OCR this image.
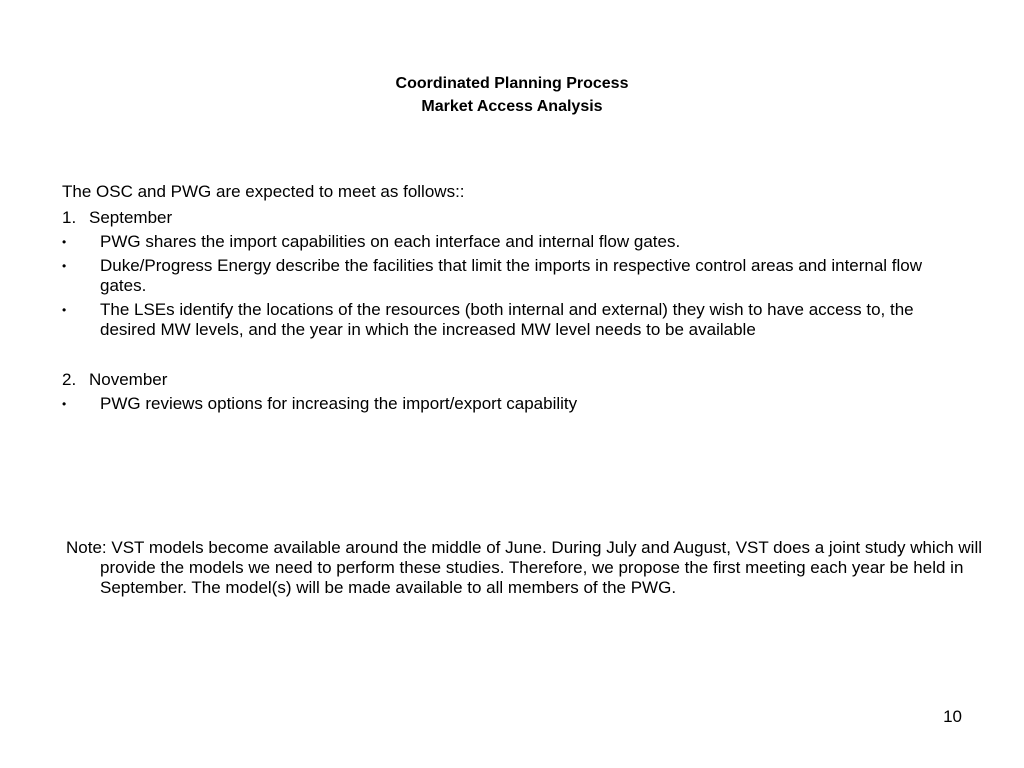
Coordinated Planning Process
Market Access Analysis

The OSC and PWG are expected to meet as follows::

1. September

• PWG shares the import capabilities on each interface and internal flow gates.
• Duke/Progress Energy describe the facilities that limit the imports in respective control areas and internal flow gates.
• The LSEs identify the locations of the resources (both internal and external) they wish to have access to, the desired MW levels, and the year in which the increased MW level needs to be available

2. November

• PWG reviews options for increasing the import/export capability

Note: VST models become available around the middle of June. During July and August, VST does a joint study which will provide the models we need to perform these studies. Therefore, we propose the first meeting each year be held in September. The model(s) will be made available to all members of the PWG.

10
